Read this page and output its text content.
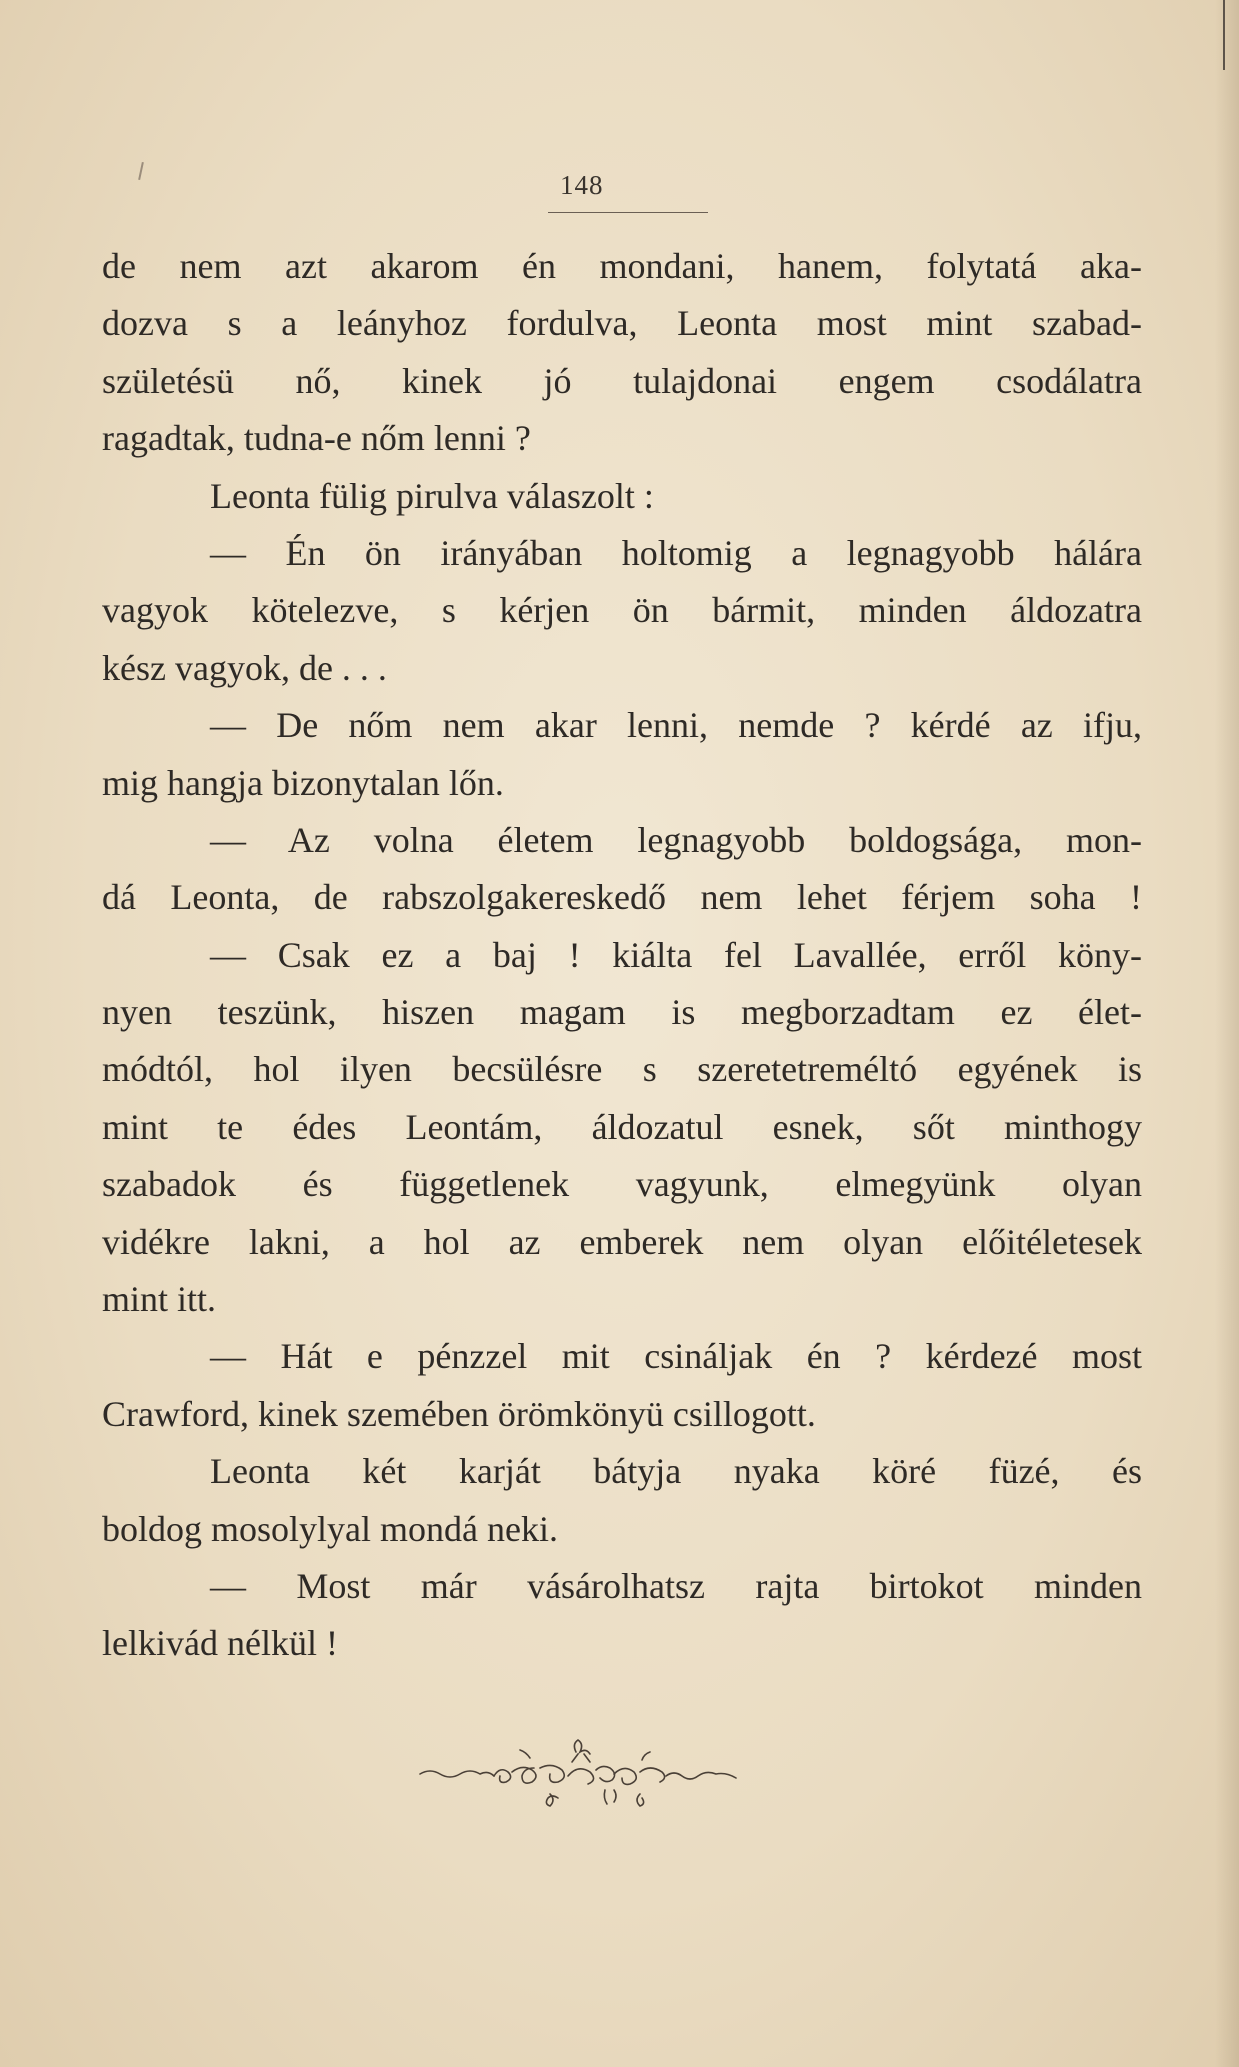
148
de nem azt akarom én mondani, hanem, folytatá aka-
dozva s a leányhoz fordulva, Leonta most mint szabad-
születésü nő, kinek jó tulajdonai engem csodálatra
ragadtak, tudna-e nőm lenni ?
Leonta fülig pirulva válaszolt :
— Én ön irányában holtomig a legnagyobb hálára
vagyok kötelezve, s kérjen ön bármit, minden áldozatra
kész vagyok, de . . .
— De nőm nem akar lenni, nemde ? kérdé az ifju,
mig hangja bizonytalan lőn.
— Az volna életem legnagyobb boldogsága, mon-
dá Leonta, de rabszolgakereskedő nem lehet férjem soha !
— Csak ez a baj ! kiálta fel Lavallée, erről köny-
nyen teszünk, hiszen magam is megborzadtam ez élet-
módtól, hol ilyen becsülésre s szeretetreméltó egyének is
mint te édes Leontám, áldozatul esnek, sőt minthogy
szabadok és függetlenek vagyunk, elmegyünk olyan
vidékre lakni, a hol az emberek nem olyan előitéletesek
mint itt.
— Hát e pénzzel mit csináljak én ? kérdezé most
Crawford, kinek szemében örömkönyü csillogott.
Leonta két karját bátyja nyaka köré füzé, és
boldog mosolylyal mondá neki.
— Most már vásárolhatsz rajta birtokot minden
lelkivád nélkül !
